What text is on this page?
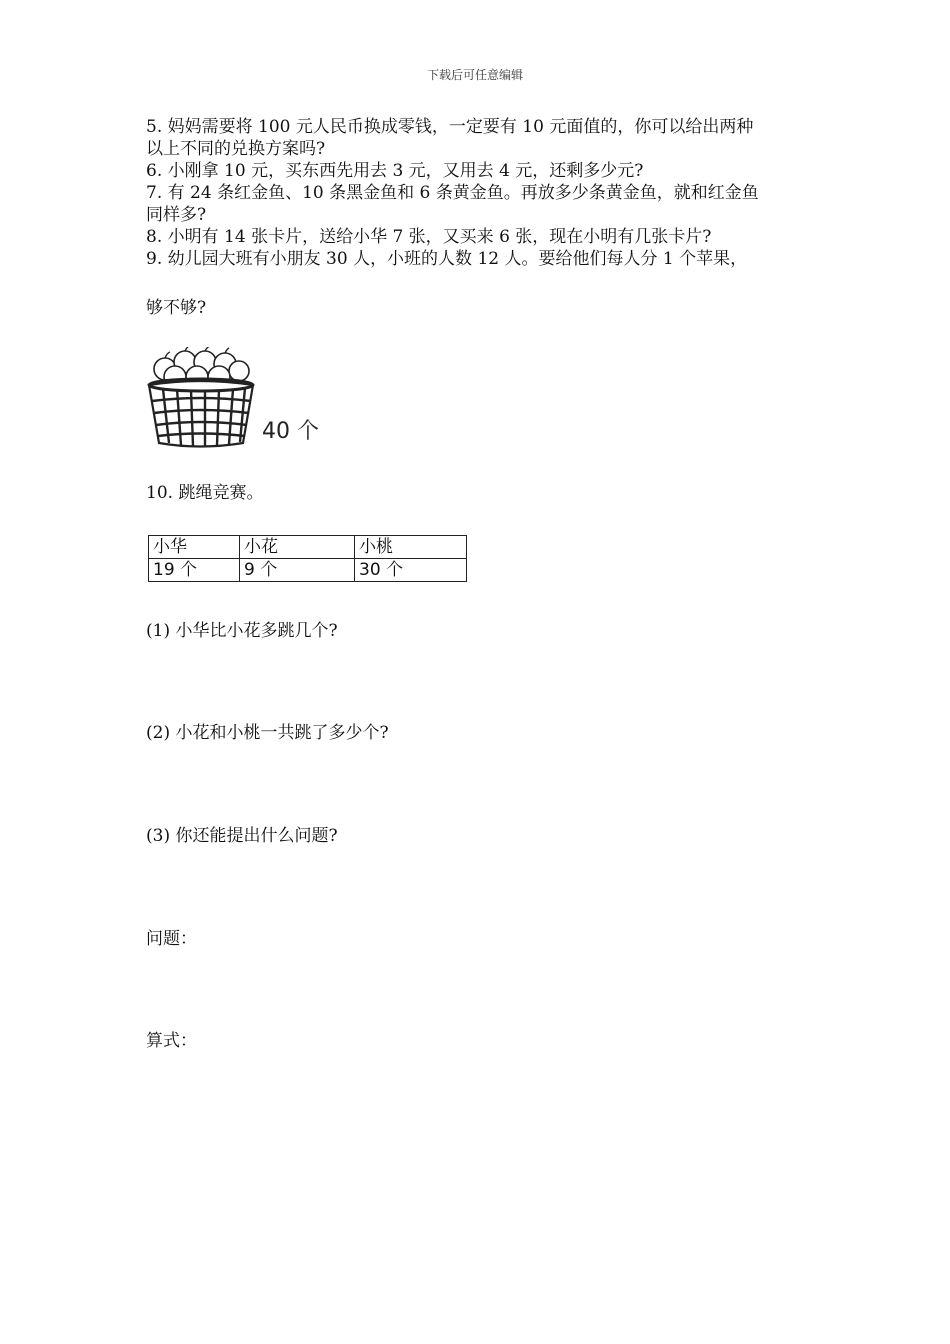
下载后可任意编辑
5. 妈妈需要将 100 元人民币换成零钱，一定要有 10 元面值的，你可以给出两种
以上不同的兑换方案吗?
6. 小刚拿 10 元，买东西先用去 3 元，又用去 4 元，还剩多少元?
7. 有 24 条红金鱼、10 条黑金鱼和 6 条黄金鱼。再放多少条黄金鱼，就和红金鱼
同样多?
8. 小明有 14 张卡片，送给小华 7 张，又买来 6 张，现在小明有几张卡片?
9. 幼儿园大班有小朋友 30 人，小班的人数 12 人。要给他们每人分 1 个苹果，
够不够?
40 个
10. 跳绳竞赛。
小华	小花	小桃
19 个	9 个	30 个
(1) 小华比小花多跳几个?
(2) 小花和小桃一共跳了多少个?
(3) 你还能提出什么问题?
问题：
算式：
